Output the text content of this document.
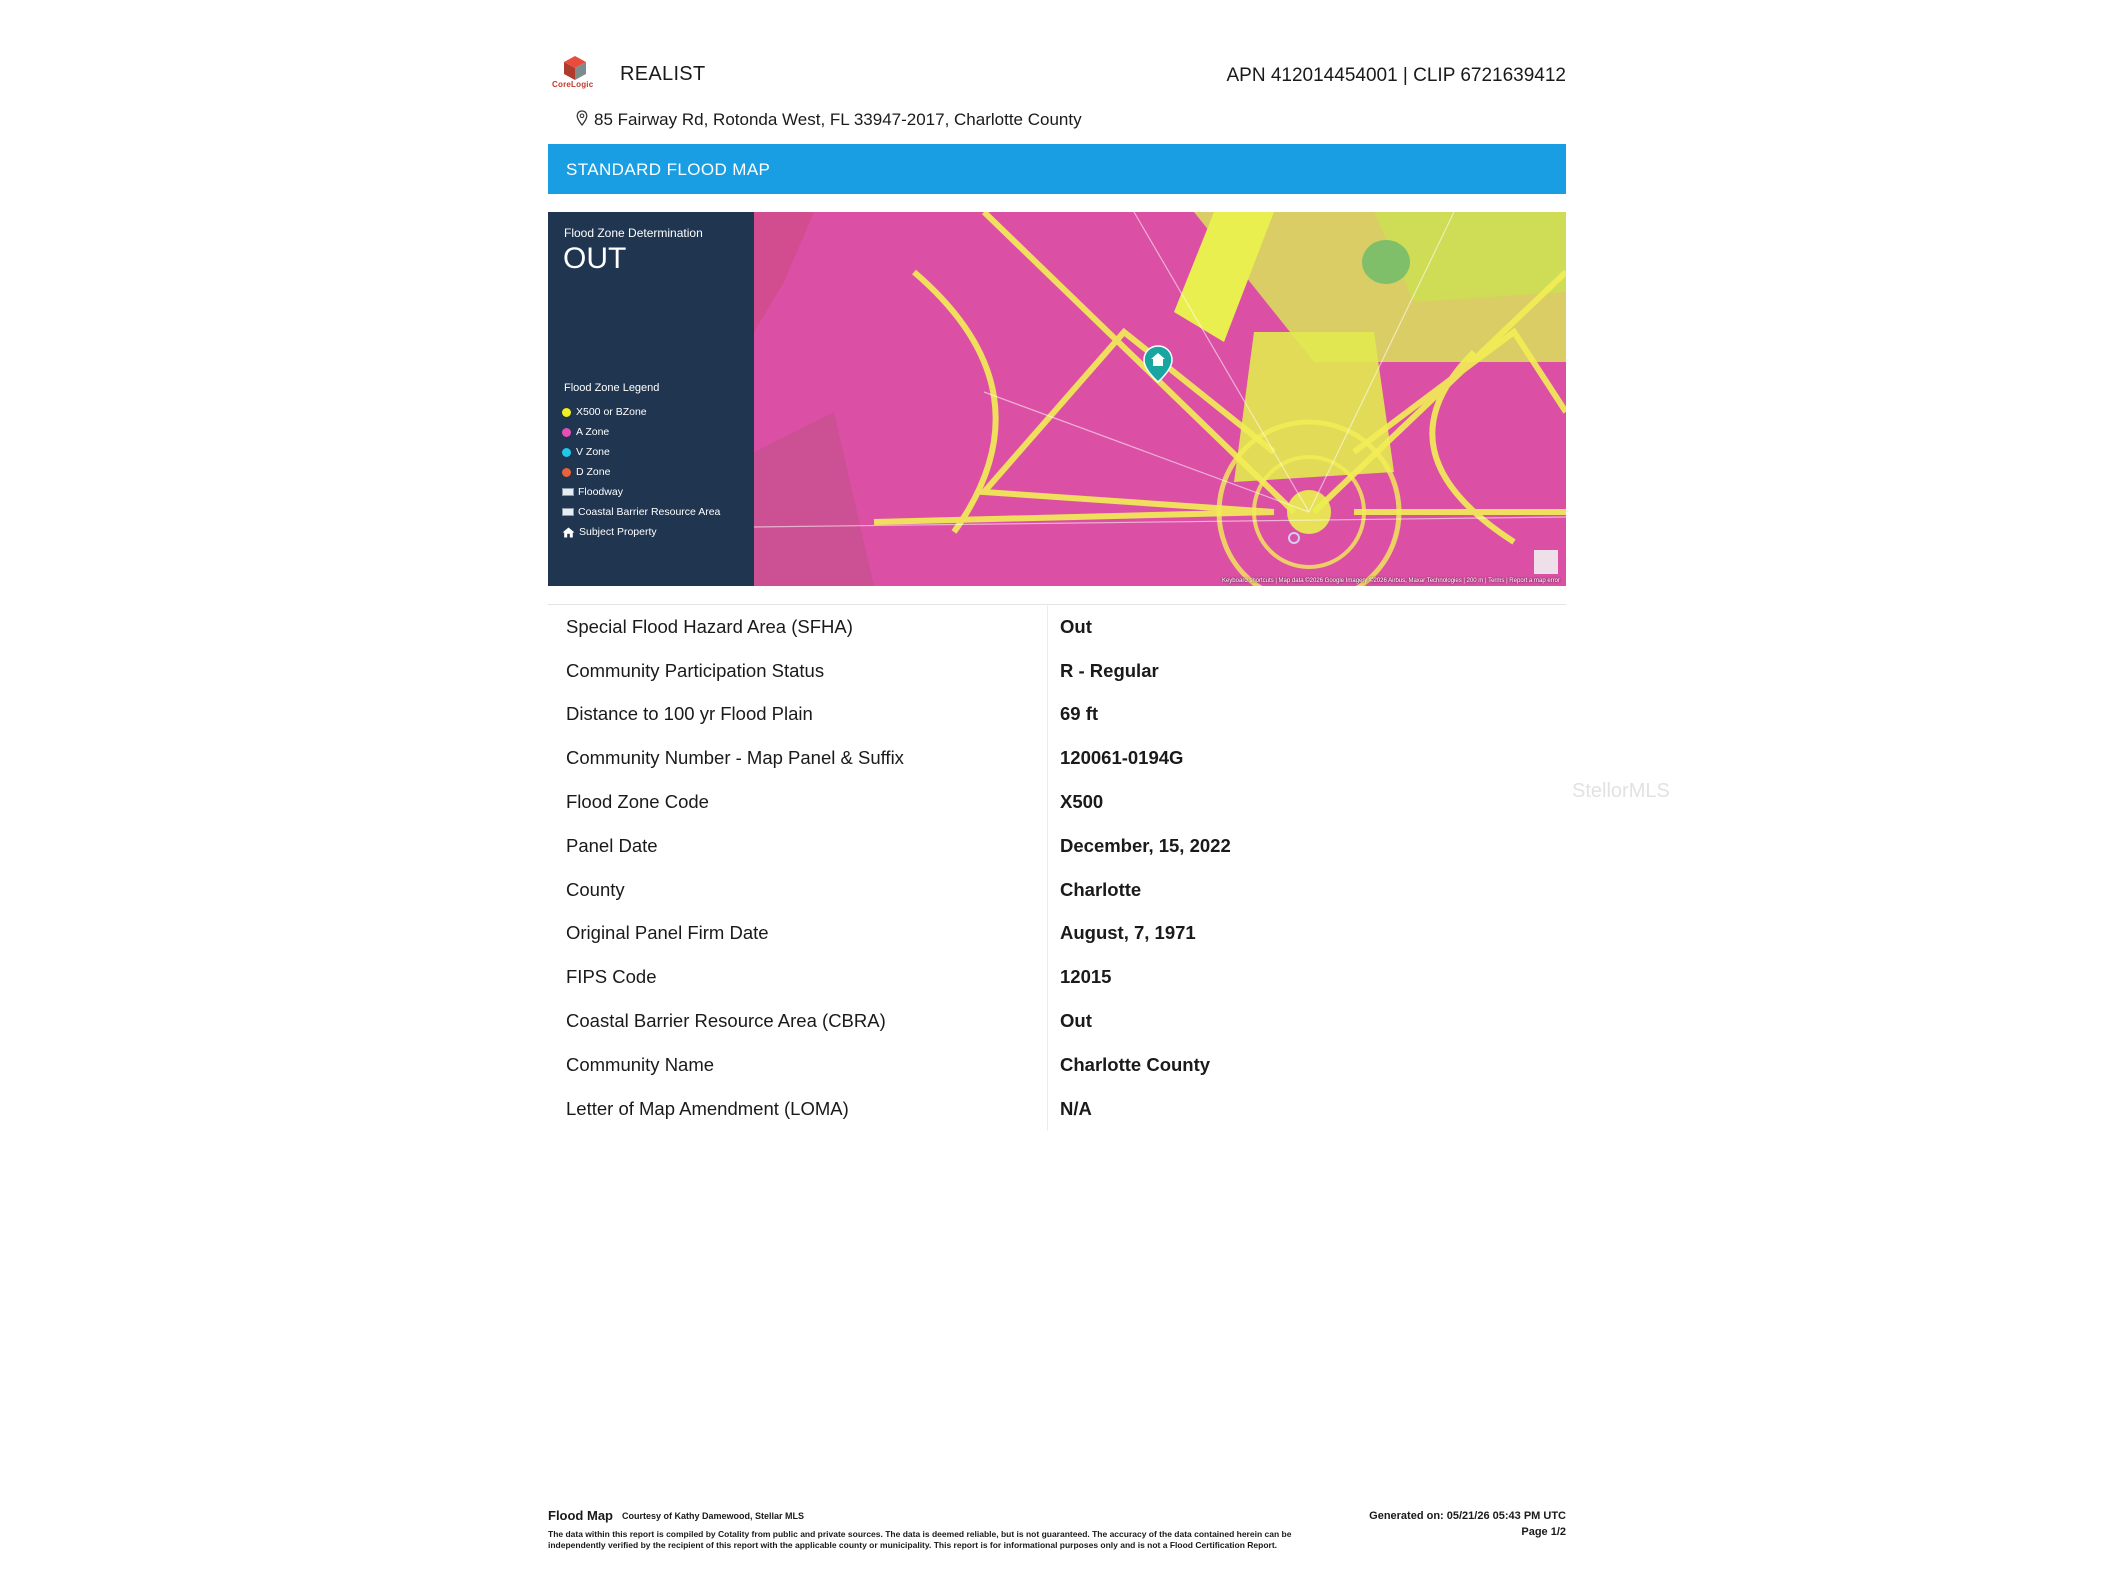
CoreLogic REALIST	APN 412014454001 | CLIP 6721639412
85 Fairway Rd, Rotonda West, FL 33947-2017, Charlotte County
STANDARD FLOOD MAP
Flood Zone Determination
OUT
Flood Zone Legend
X500 or BZone
A Zone
V Zone
D Zone
Floodway
Coastal Barrier Resource Area
Subject Property
Keyboard shortcuts | Map data ©2026 Google Imagery ©2026 Airbus, Maxar Technologies | 200 m | Terms | Report a map error
Special Flood Hazard Area (SFHA)	Out
Community Participation Status	R - Regular
Distance to 100 yr Flood Plain	69 ft
Community Number - Map Panel & Suffix	120061-0194G
Flood Zone Code	X500
Panel Date	December, 15, 2022
County	Charlotte
Original Panel Firm Date	August, 7, 1971
FIPS Code	12015
Coastal Barrier Resource Area (CBRA)	Out
Community Name	Charlotte County
Letter of Map Amendment (LOMA)	N/A
StellorMLS
Flood Map Courtesy of Kathy Damewood, Stellar MLS	Generated on: 05/21/26 05:43 PM UTC
Page 1/2
The data within this report is compiled by Cotality from public and private sources. The data is deemed reliable, but is not guaranteed. The accuracy of the data contained herein can be independently verified by the recipient of this report with the applicable county or municipality. This report is for informational purposes only and is not a Flood Certification Report.
